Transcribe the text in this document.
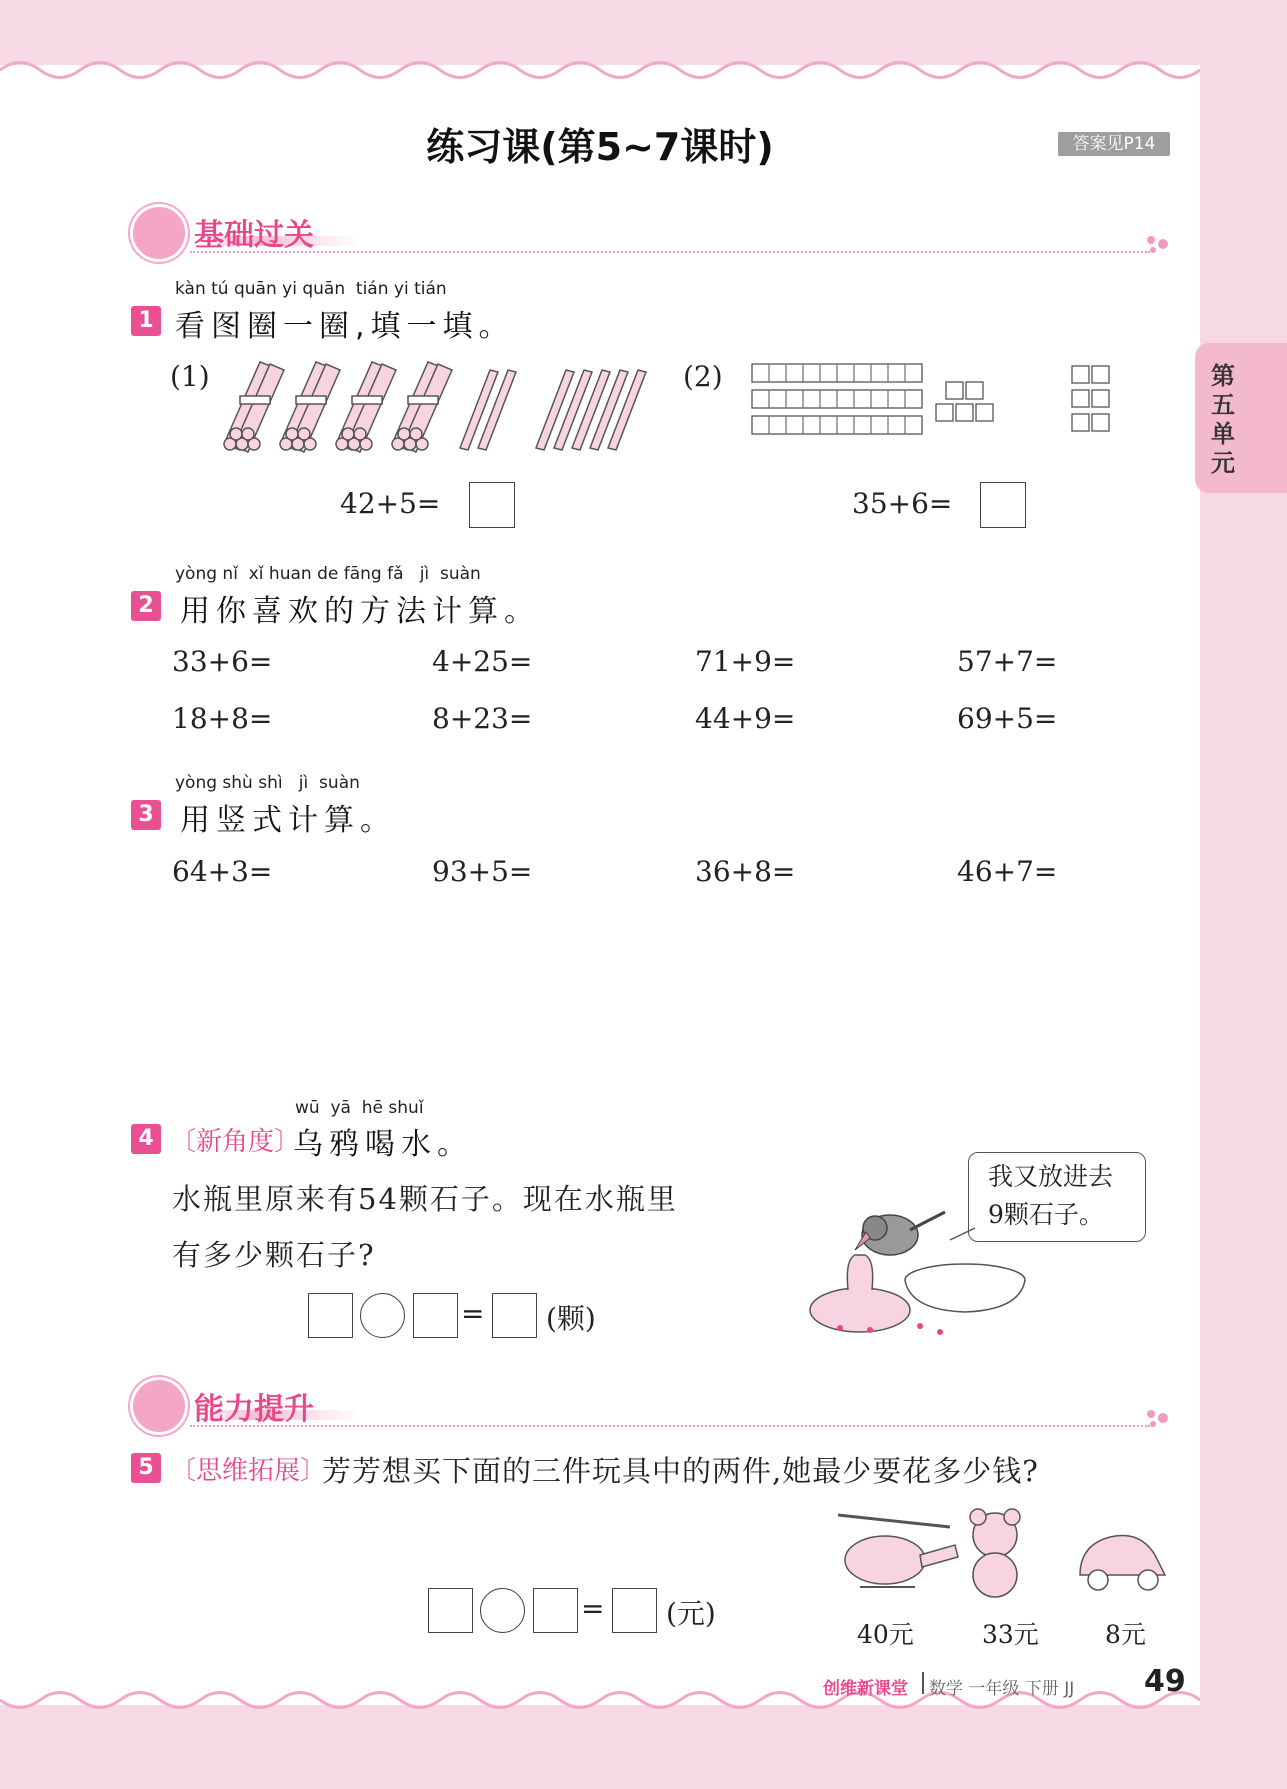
练习课(第5~7课时)	答案见P14
第五单元
基础过关
kàn tú quān yi quān  tián yi tián
1 看图圈一圈,填一填。
(1)
42+5=
(2)
35+6=
yòng nǐ  xǐ huan de fāng fǎ   jì  suàn
2 用你喜欢的方法计算。
33+6=	4+25=	71+9=	57+7=
18+8=	8+23=	44+9=	69+5=
yòng shù shì   jì  suàn
3 用竖式计算。
64+3=	93+5=	36+8=	46+7=
wū  yā  hē shuǐ
4 〔新角度〕
乌鸦喝水。
水瓶里原来有54颗石子。现在水瓶里
有多少颗石子?
= (颗)
我又放进去
9颗石子。
能力提升
5 〔思维拓展〕
芳芳想买下面的三件玩具中的两件,她最少要花多少钱?
= (元)
40元	33元	8元
创维新课堂 数学 一年级 下册 JJ 49
